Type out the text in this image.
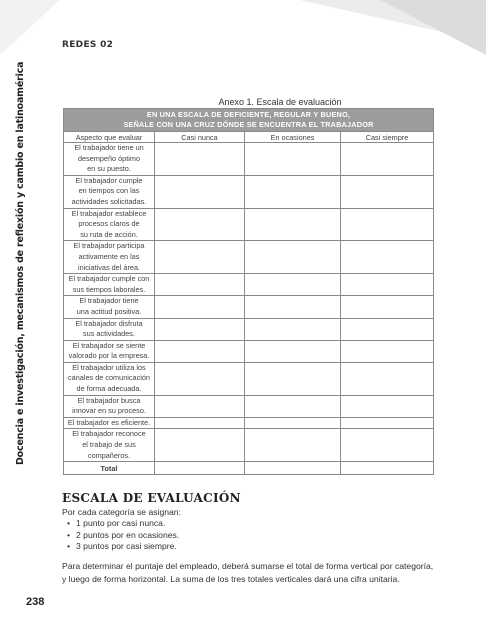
REDES 02
Docencia e investigación, mecanismos de reflexión y cambio en latinoamérica	Anexo 1. Escala de evaluación
EN UNA ESCALA DE DEFICIENTE, REGULAR Y BUENO,
SEÑALE CON UNA CRUZ DÓNDE SE ENCUENTRA EL TRABAJADOR			

Aspecto que evaluar	Casi nunca	En ocasiones	Casi siempre

El trabajador tiene un
desempeño óptimo
en su puesto.			

El trabajador cumple
en tiempos con las
actividades solicitadas.			

El trabajador establece
procesos claros de
su ruta de acción.			

El trabajador participa
activamente en las
iniciativas del área.			

El trabajador cumple con
sus tiempos laborales.			

El trabajador tiene
una actitud positiva.			

El trabajador disfruta
sus actividades.			

El trabajador se siente
valorado por la empresa.			

El trabajador utiliza los
canales de comunicación
de forma adecuada.			

El trabajador busca
innovar en su proceso.			

El trabajador es eficiente.			

El trabajador reconoce
el trabajo de sus
compañeros.			

Total			
ESCALA DE EVALUACIÓN
Por cada categoría se asignan:
• 1 punto por casi nunca.
• 2 puntos por en ocasiones.
• 3 puntos por casi siempre.
Para determinar el puntaje del empleado, deberá sumarse el total de forma vertical por categoría, y luego de forma horizontal. La suma de los tres totales verticales dará una cifra unitaria.
238
